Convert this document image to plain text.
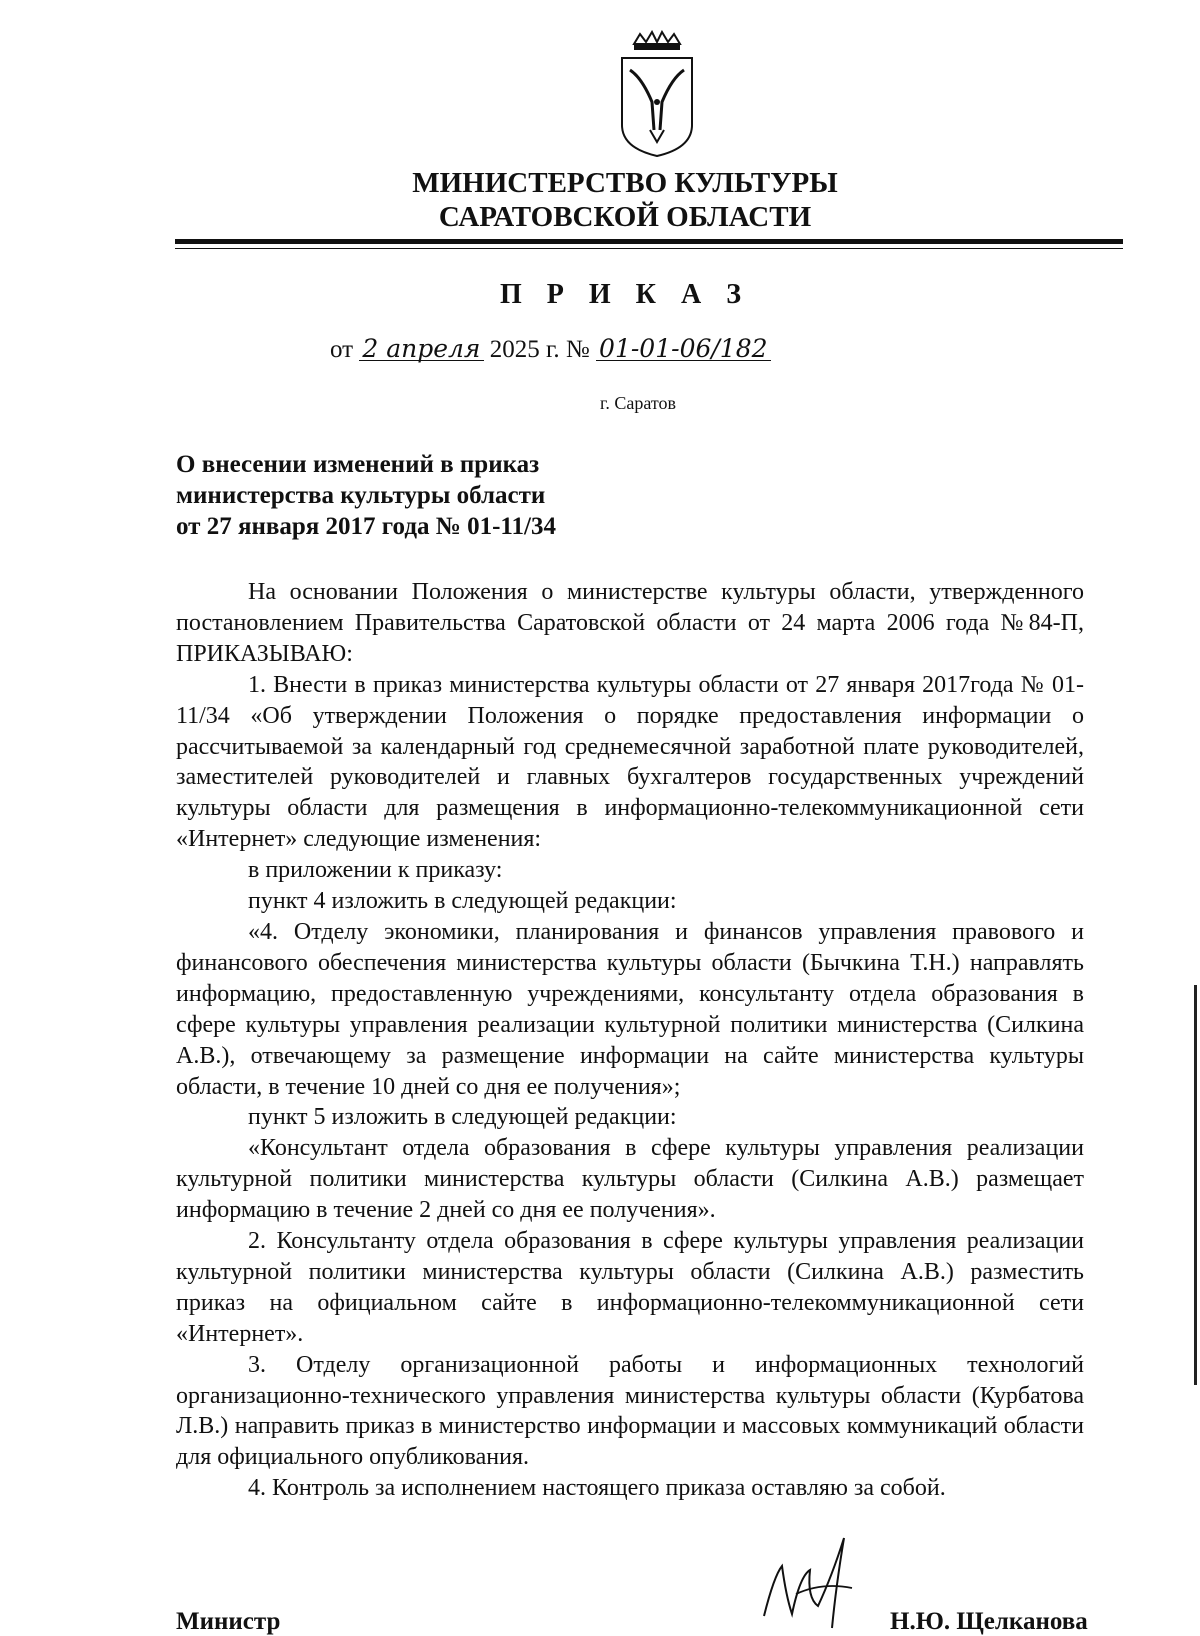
МИНИСТЕРСТВО КУЛЬТУРЫ
САРАТОВСКОЙ ОБЛАСТИ
П Р И К А З
от 2 апреля 2025 г. № 01-01-06/182
г. Саратов
О внесении изменений в приказ
министерства культуры области
от 27 января 2017 года № 01-11/34

На основании Положения о министерстве культуры области, утвержденного постановлением Правительства Саратовской области от 24 марта 2006 года №84-П, ПРИКАЗЫВАЮ:

1. Внести в приказ министерства культуры области от 27 января 2017года № 01-11/34 «Об утверждении Положения о порядке предоставления информации о рассчитываемой за календарный год среднемесячной заработной плате руководителей, заместителей руководителей и главных бухгалтеров государственных учреждений культуры области для размещения в информационно-телекоммуникационной сети «Интернет» следующие изменения:

в приложении к приказу:

пункт 4 изложить в следующей редакции:

«4. Отделу экономики, планирования и финансов управления правового и финансового обеспечения министерства культуры области (Бычкина Т.Н.) направлять информацию, предоставленную учреждениями, консультанту отдела образования в сфере культуры управления реализации культурной политики министерства (Силкина А.В.), отвечающему за размещение информации на сайте министерства культуры области, в течение 10 дней со дня ее получения»;

пункт 5 изложить в следующей редакции:

«Консультант отдела образования в сфере культуры управления реализации культурной политики министерства культуры области (Силкина А.В.) размещает информацию в течение 2 дней со дня ее получения».

2. Консультанту отдела образования в сфере культуры управления реализации культурной политики министерства культуры области (Силкина А.В.) разместить приказ на официальном сайте в информационно-телекоммуникационной сети «Интернет».

3. Отделу организационной работы и информационных технологий организационно-технического управления министерства культуры области (Курбатова Л.В.) направить приказ в министерство информации и массовых коммуникаций области для официального опубликования.

4. Контроль за исполнением настоящего приказа оставляю за собой.

Министр	Н.Ю. Щелканова
